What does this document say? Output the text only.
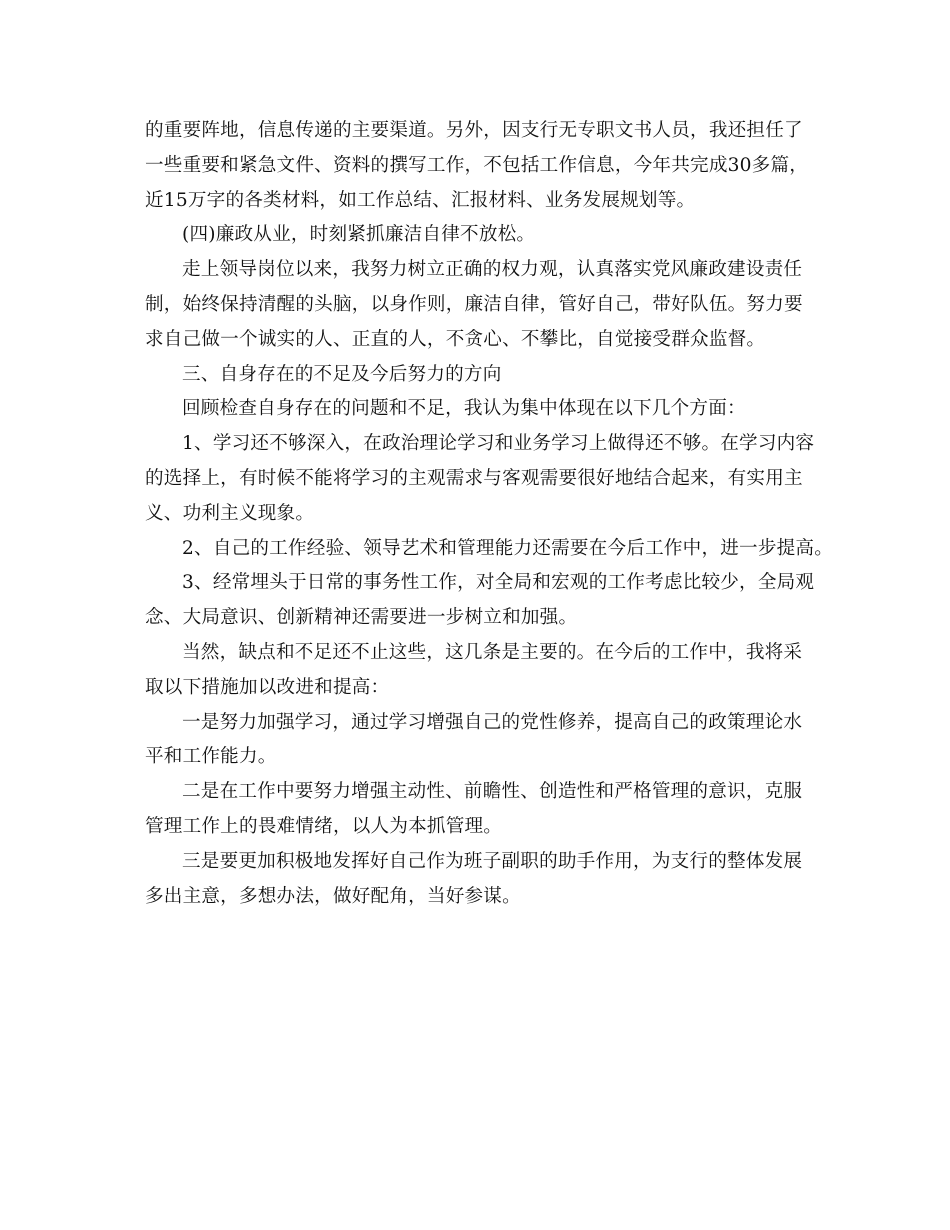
的重要阵地，信息传递的主要渠道。另外，因支行无专职文书人员，我还担任了
一些重要和紧急文件、资料的撰写工作，不包括工作信息，今年共完成30多篇，
近15万字的各类材料，如工作总结、汇报材料、业务发展规划等。
(四)廉政从业，时刻紧抓廉洁自律不放松。
走上领导岗位以来，我努力树立正确的权力观，认真落实党风廉政建设责任
制，始终保持清醒的头脑，以身作则，廉洁自律，管好自己，带好队伍。努力要
求自己做一个诚实的人、正直的人，不贪心、不攀比，自觉接受群众监督。
三、自身存在的不足及今后努力的方向
回顾检查自身存在的问题和不足，我认为集中体现在以下几个方面：
1、学习还不够深入，在政治理论学习和业务学习上做得还不够。在学习内容
的选择上，有时候不能将学习的主观需求与客观需要很好地结合起来，有实用主
义、功利主义现象。
2、自己的工作经验、领导艺术和管理能力还需要在今后工作中，进一步提高。
3、经常埋头于日常的事务性工作，对全局和宏观的工作考虑比较少，全局观
念、大局意识、创新精神还需要进一步树立和加强。
当然，缺点和不足还不止这些，这几条是主要的。在今后的工作中，我将采
取以下措施加以改进和提高：
一是努力加强学习，通过学习增强自己的党性修养，提高自己的政策理论水
平和工作能力。
二是在工作中要努力增强主动性、前瞻性、创造性和严格管理的意识，克服
管理工作上的畏难情绪，以人为本抓管理。
三是要更加积极地发挥好自己作为班子副职的助手作用，为支行的整体发展
多出主意，多想办法，做好配角，当好参谋。
